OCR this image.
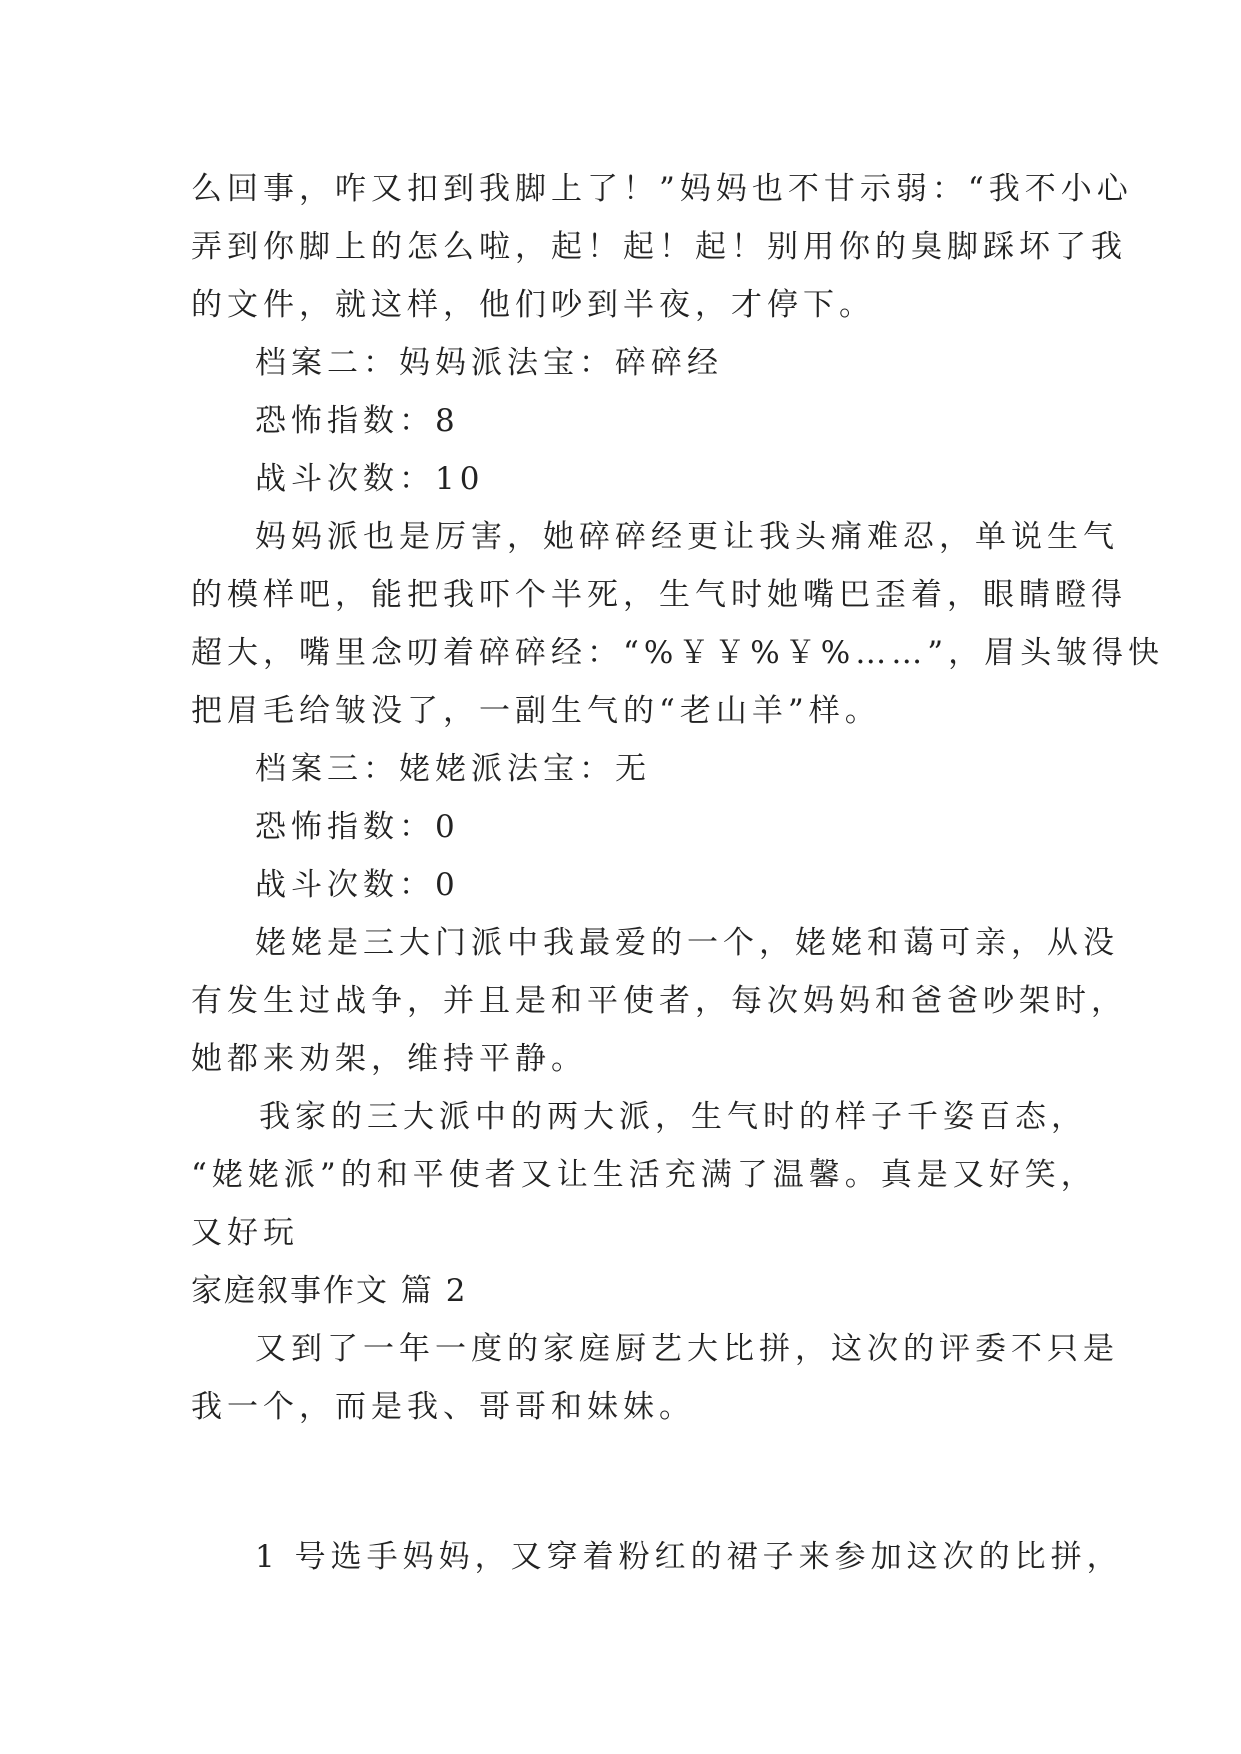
么回事，咋又扣到我脚上了！”妈妈也不甘示弱：“我不小心
弄到你脚上的怎么啦，起！起！起！别用你的臭脚踩坏了我
的文件，就这样，他们吵到半夜，才停下。
档案二：妈妈派法宝：碎碎经
恐怖指数：8
战斗次数：10
妈妈派也是厉害，她碎碎经更让我头痛难忍，单说生气
的模样吧，能把我吓个半死，生气时她嘴巴歪着，眼睛瞪得
超大，嘴里念叨着碎碎经：“%￥￥%￥%……”，眉头皱得快
把眉毛给皱没了，一副生气的“老山羊”样。
档案三：姥姥派法宝：无
恐怖指数：0
战斗次数：0
姥姥是三大门派中我最爱的一个，姥姥和蔼可亲，从没
有发生过战争，并且是和平使者，每次妈妈和爸爸吵架时，
她都来劝架，维持平静。
我家的三大派中的两大派，生气时的样子千姿百态，
“姥姥派”的和平使者又让生活充满了温馨。真是又好笑，
又好玩
家庭叙事作文 篇 2
又到了一年一度的家庭厨艺大比拼，这次的评委不只是
我一个，而是我、哥哥和妹妹。
1 号选手妈妈，又穿着粉红的裙子来参加这次的比拼，
